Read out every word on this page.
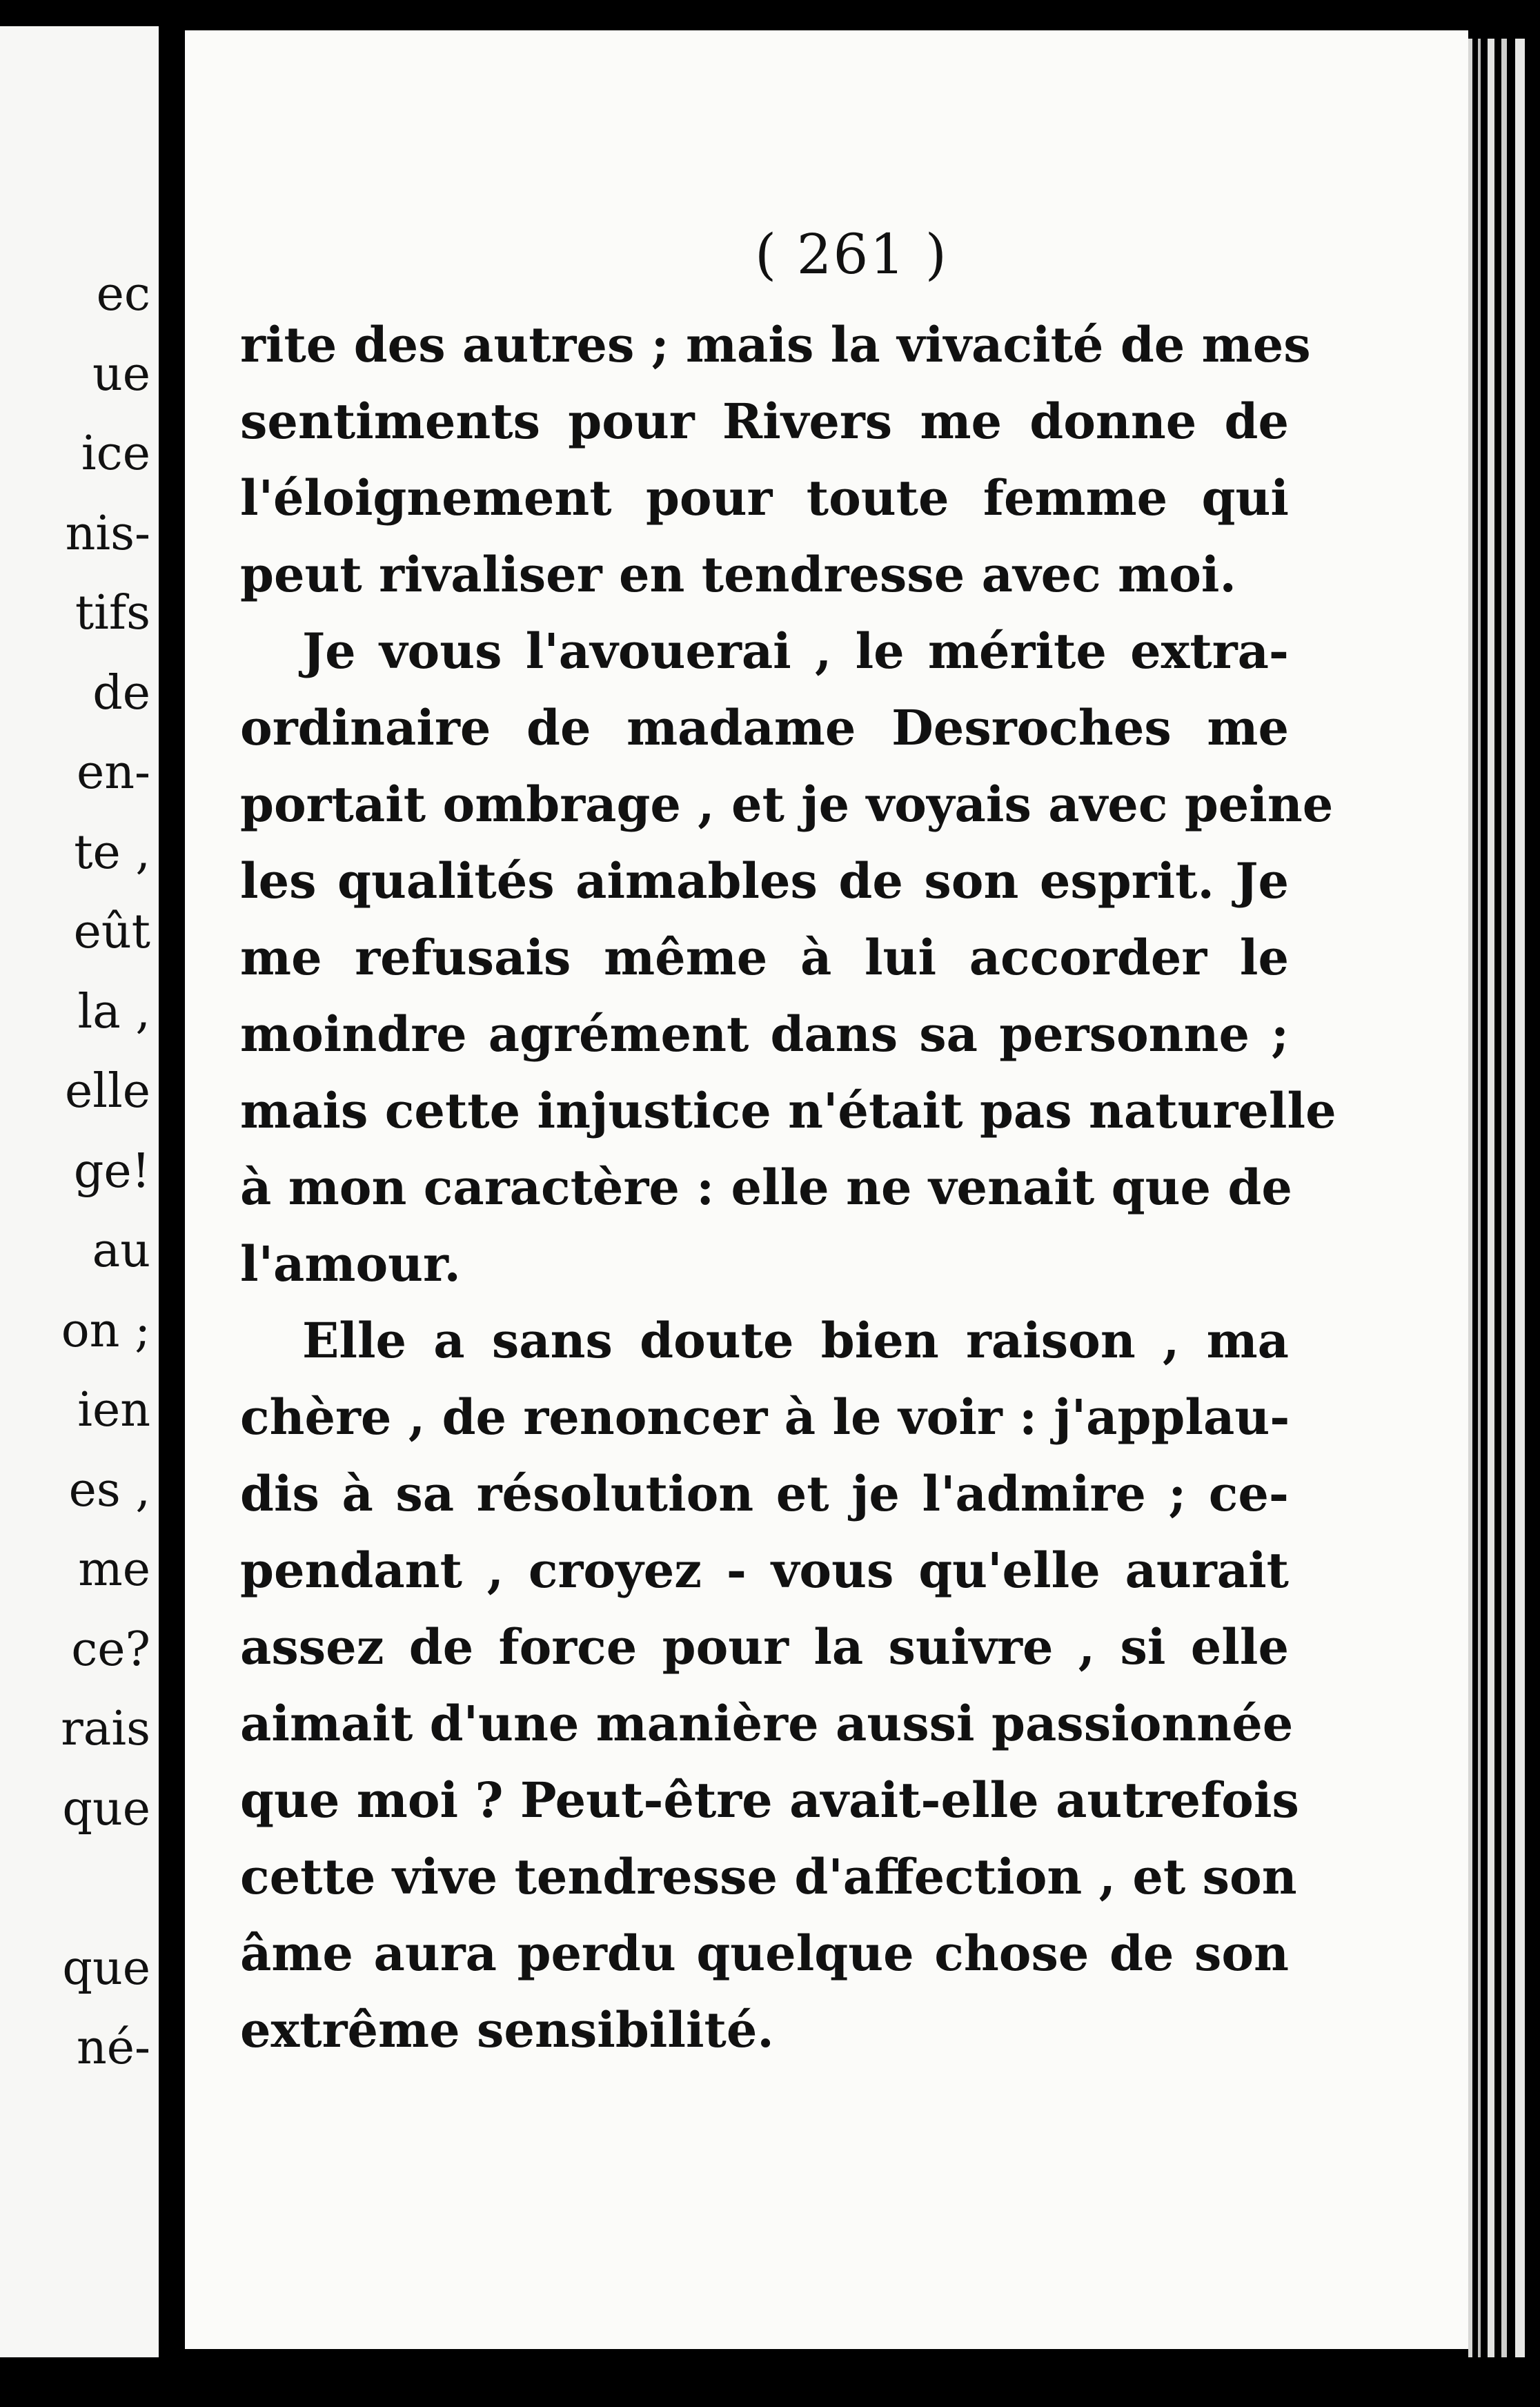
ec
ue
ice
nis-
tifs
de
en-
te ,
eût
la ,
elle
ge!
au
on ;
ien
es ,
me
ce?
rais
que
que
né-
( 261 )
rite des autres ; mais la vivacité de mes
sentiments pour Rivers me donne de
l'éloignement pour toute femme qui
peut rivaliser en tendresse avec moi.
Je vous l'avouerai , le mérite extra-
ordinaire de madame Desroches me
portait ombrage , et je voyais avec peine
les qualités aimables de son esprit. Je
me refusais même à lui accorder le
moindre agrément dans sa personne ;
mais cette injustice n'était pas naturelle
à mon caractère : elle ne venait que de
l'amour.
Elle a sans doute bien raison , ma
chère , de renoncer à le voir : j'applau-
dis à sa résolution et je l'admire ; ce-
pendant , croyez - vous qu'elle aurait
assez de force pour la suivre , si elle
aimait d'une manière aussi passionnée
que moi ? Peut-être avait-elle autrefois
cette vive tendresse d'affection , et son
âme aura perdu quelque chose de son
extrême sensibilité.
